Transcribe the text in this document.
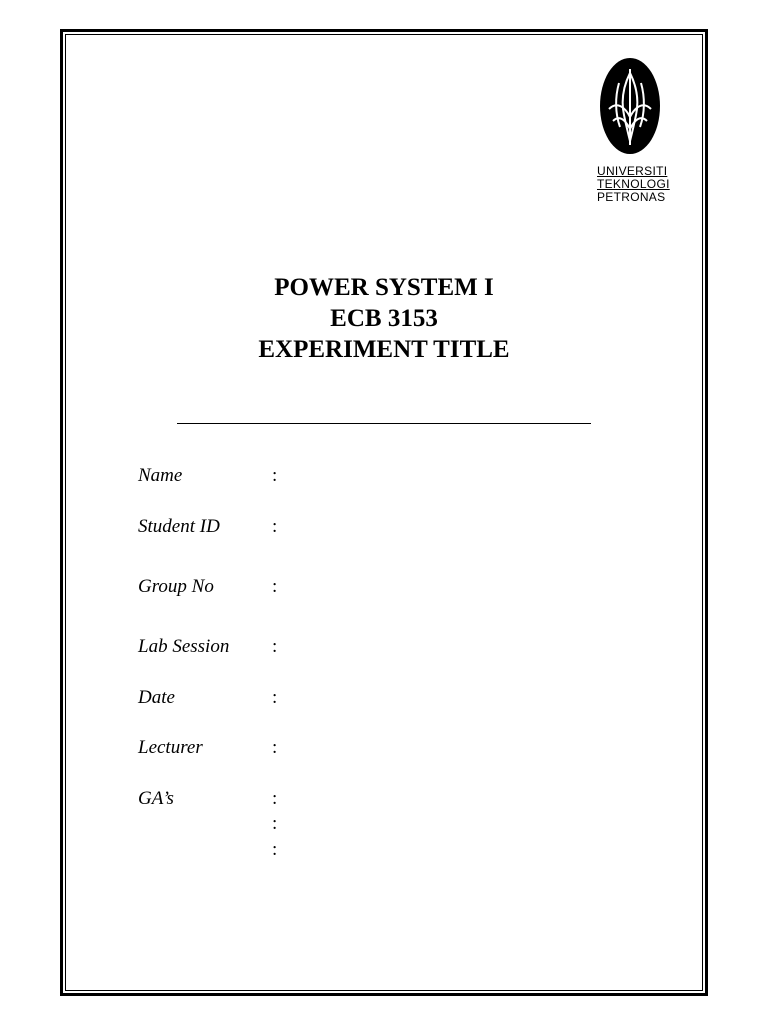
UNIVERSITI
TEKNOLOGI
PETRONAS
POWER SYSTEM I
ECB 3153
EXPERIMENT TITLE
Name	:
Student ID	:
Group No	:
Lab Session :
Date	:
Lecturer	:
GA’s	:
:
:
